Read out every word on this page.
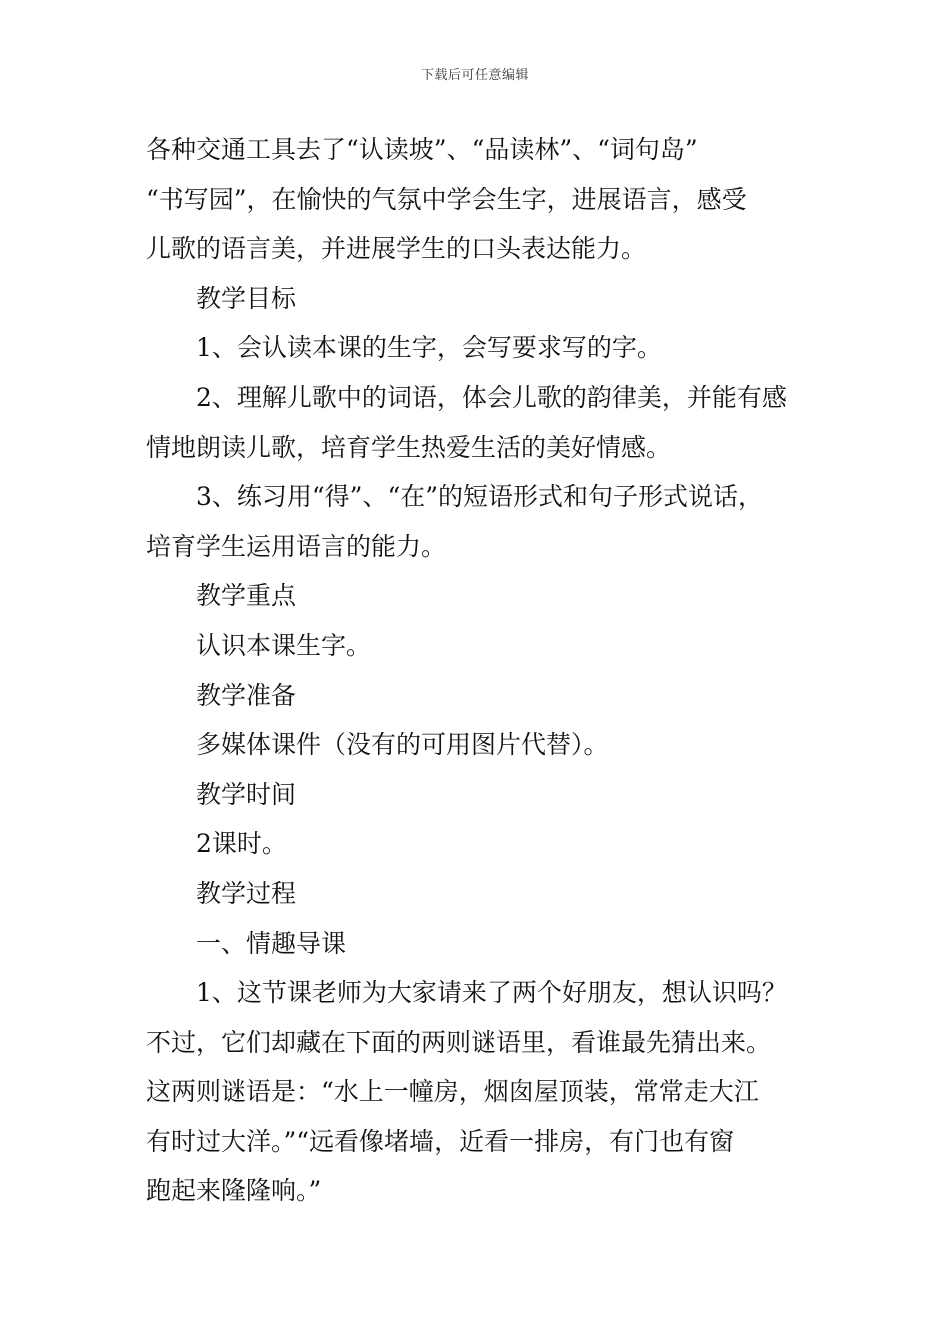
下载后可任意编辑
各种交通工具去了“认读坡”、“品读林”、“词句岛”
“书写园”，在愉快的气氛中学会生字，进展语言，感受
儿歌的语言美，并进展学生的口头表达能力。
教学目标
1、会认读本课的生字，会写要求写的字。
2、理解儿歌中的词语，体会儿歌的韵律美，并能有感
情地朗读儿歌，培育学生热爱生活的美好情感。
3、练习用“得”、“在”的短语形式和句子形式说话，
培育学生运用语言的能力。
教学重点
认识本课生字。
教学准备
多媒体课件（没有的可用图片代替）。
教学时间
2课时。
教学过程
一、情趣导课
1、这节课老师为大家请来了两个好朋友，想认识吗？
不过，它们却藏在下面的两则谜语里，看谁最先猜出来。
这两则谜语是：“水上一幢房，烟囱屋顶装，常常走大江
有时过大洋。”“远看像堵墙，近看一排房，有门也有窗
跑起来隆隆响。”
